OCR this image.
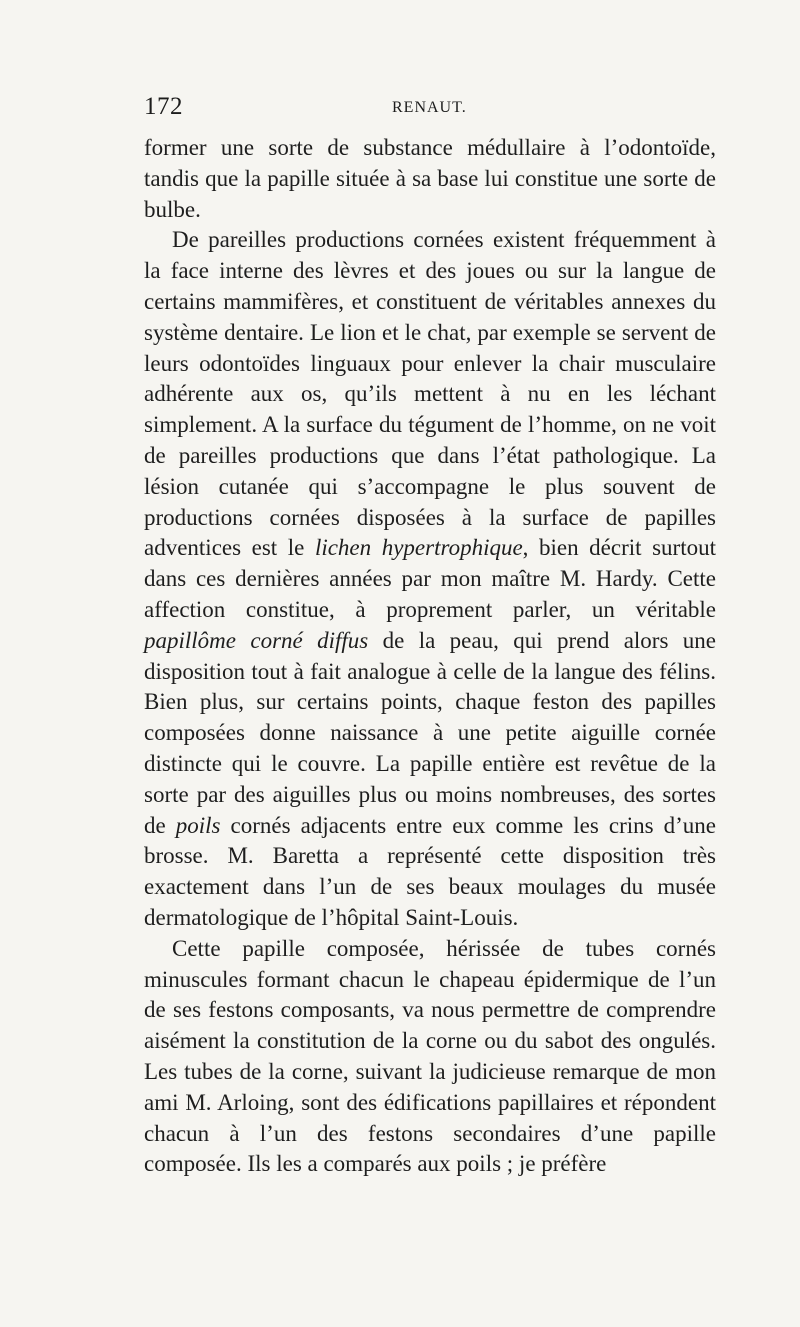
172	RENAUT.

former une sorte de substance médullaire à l’odontoïde, tandis que la papille située à sa base lui constitue une sorte de bulbe.

De pareilles productions cornées existent fréquemment à la face interne des lèvres et des joues ou sur la langue de certains mammifères, et constituent de véritables annexes du système dentaire. Le lion et le chat, par exemple se servent de leurs odontoïdes linguaux pour enlever la chair musculaire adhérente aux os, qu’ils mettent à nu en les léchant simplement. A la surface du tégument de l’homme, on ne voit de pareilles productions que dans l’état pathologique. La lésion cutanée qui s’accompagne le plus souvent de productions cornées disposées à la surface de papilles adventices est le lichen hypertrophique, bien décrit surtout dans ces dernières années par mon maître M. Hardy. Cette affection constitue, à proprement parler, un véritable papillôme corné diffus de la peau, qui prend alors une disposition tout à fait analogue à celle de la langue des félins. Bien plus, sur certains points, chaque feston des papilles composées donne naissance à une petite aiguille cornée distincte qui le couvre. La papille entière est revêtue de la sorte par des aiguilles plus ou moins nombreuses, des sortes de poils cornés adjacents entre eux comme les crins d’une brosse. M. Baretta a représenté cette disposition très exactement dans l’un de ses beaux moulages du musée dermatologique de l’hôpital Saint-Louis.

Cette papille composée, hérissée de tubes cornés minuscules formant chacun le chapeau épidermique de l’un de ses festons composants, va nous permettre de comprendre aisément la constitution de la corne ou du sabot des ongulés. Les tubes de la corne, suivant la judicieuse remarque de mon ami M. Arloing, sont des édifications papillaires et répondent chacun à l’un des festons secondaires d’une papille composée. Ils les a comparés aux poils ; je préfère
